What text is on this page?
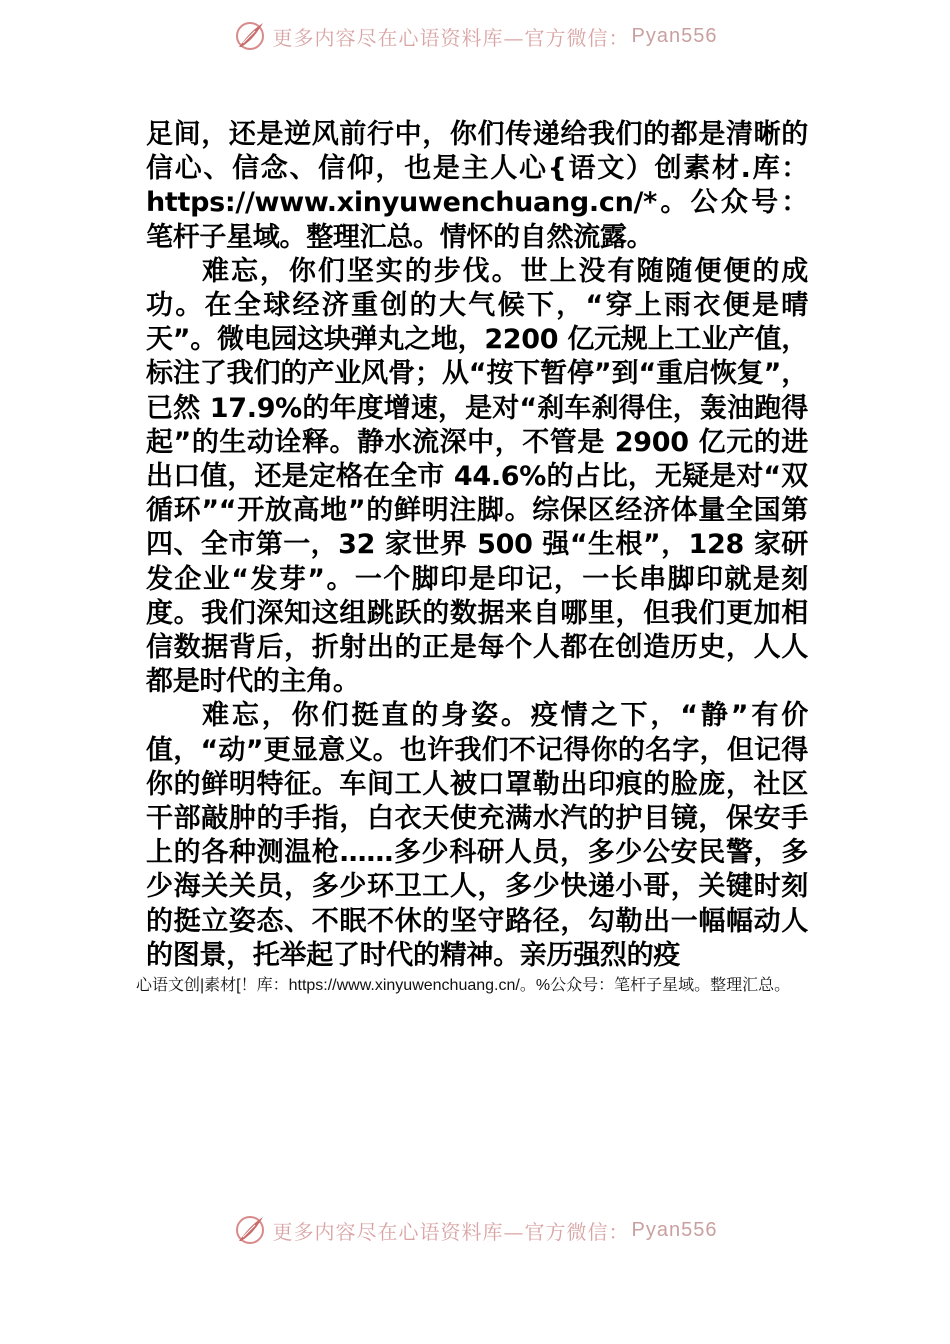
更多内容尽在心语资料库—官方微信： Pyan556

足间，还是逆风前行中，你们传递给我们的都是清晰的信心、信念、信仰，也是主人心{语文）创素材.库：https://www.xinyuwenchuang.cn/*。公众号：笔杆子星域。整理汇总。情怀的自然流露。

难忘，你们坚实的步伐。世上没有随随便便的成功。在全球经济重创的大气候下，“穿上雨衣便是晴天”。微电园这块弹丸之地，2200 亿元规上工业产值，标注了我们的产业风骨；从“按下暂停”到“重启恢复”，已然 17.9%的年度增速，是对“刹车刹得住，轰油跑得起”的生动诠释。静水流深中，不管是 2900 亿元的进出口值，还是定格在全市 44.6%的占比，无疑是对“双循环”“开放高地”的鲜明注脚。综保区经济体量全国第四、全市第一，32 家世界 500 强“生根”，128 家研发企业“发芽”。一个脚印是印记，一长串脚印就是刻度。我们深知这组跳跃的数据来自哪里，但我们更加相信数据背后，折射出的正是每个人都在创造历史，人人都是时代的主角。

难忘，你们挺直的身姿。疫情之下，“静”有价值，“动”更显意义。也许我们不记得你的名字，但记得你的鲜明特征。车间工人被口罩勒出印痕的脸庞，社区干部敲肿的手指，白衣天使充满水汽的护目镜，保安手上的各种测温枪……多少科研人员，多少公安民警，多少海关关员，多少环卫工人，多少快递小哥，关键时刻的挺立姿态、不眠不休的坚守路径，勾勒出一幅幅动人的图景，托举起了时代的精神。亲历强烈的疫

心语文创|素材[！库：https://www.xinyuwenchuang.cn/。%公众号：笔杆子星域。整理汇总。
更多内容尽在心语资料库—官方微信： Pyan556
